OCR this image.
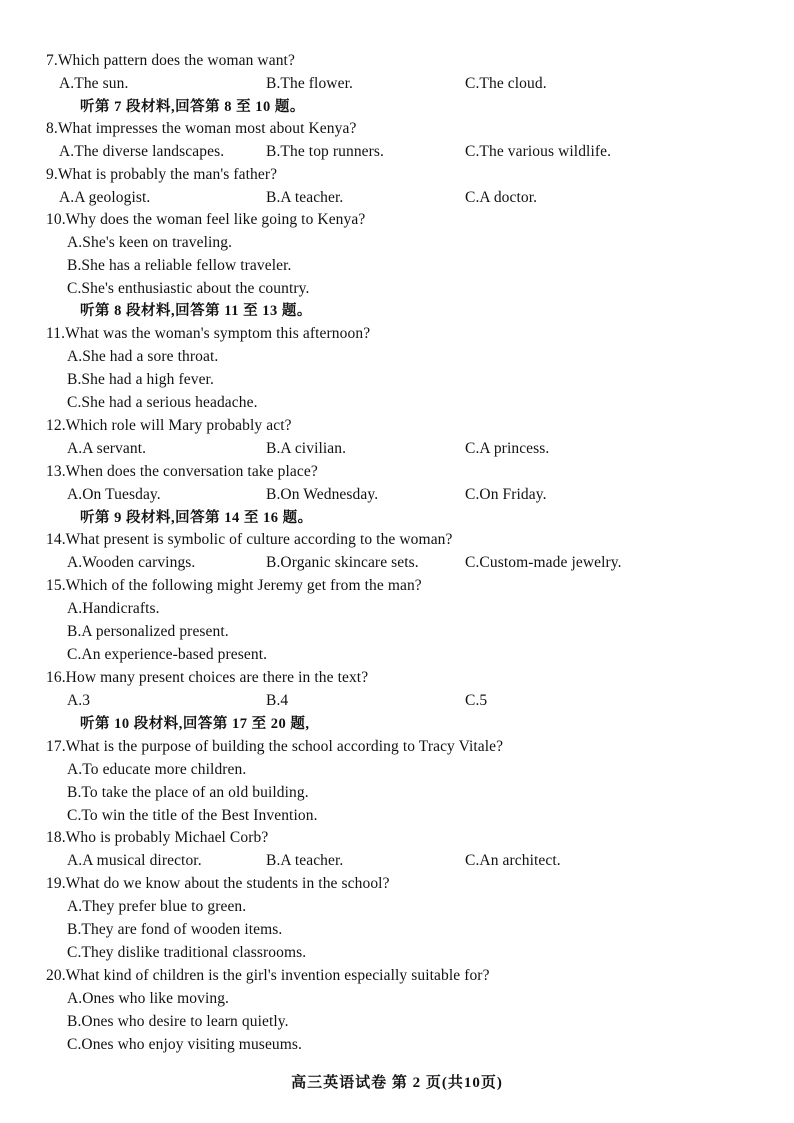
7.Which pattern does the woman want?
A.The sun.	B.The flower.	C.The cloud.
听第 7 段材料,回答第 8 至 10 题。
8.What impresses the woman most about Kenya?
A.The diverse landscapes.	B.The top runners.	C.The various wildlife.
9.What is probably the man's father?
A.A geologist.	B.A teacher.	C.A doctor.
10.Why does the woman feel like going to Kenya?
A.She's keen on traveling.
B.She has a reliable fellow traveler.
C.She's enthusiastic about the country.
听第 8 段材料,回答第 11 至 13 题。
11.What was the woman's symptom this afternoon?
A.She had a sore throat.
B.She had a high fever.
C.She had a serious headache.
12.Which role will Mary probably act?
A.A servant.	B.A civilian.	C.A princess.
13.When does the conversation take place?
A.On Tuesday.	B.On Wednesday.	C.On Friday.
听第 9 段材料,回答第 14 至 16 题。
14.What present is symbolic of culture according to the woman?
A.Wooden carvings.	B.Organic skincare sets.	C.Custom-made jewelry.
15.Which of the following might Jeremy get from the man?
A.Handicrafts.
B.A personalized present.
C.An experience-based present.
16.How many present choices are there in the text?
A.3	B.4	C.5
听第 10 段材料,回答第 17 至 20 题,
17.What is the purpose of building the school according to Tracy Vitale?
A.To educate more children.
B.To take the place of an old building.
C.To win the title of the Best Invention.
18.Who is probably Michael Corb?
A.A musical director.	B.A teacher.	C.An architect.
19.What do we know about the students in the school?
A.They prefer blue to green.
B.They are fond of wooden items.
C.They dislike traditional classrooms.
20.What kind of children is the girl's invention especially suitable for?
A.Ones who like moving.
B.Ones who desire to learn quietly.
C.Ones who enjoy visiting museums.
高三英语试卷 第 2 页(共10页)
